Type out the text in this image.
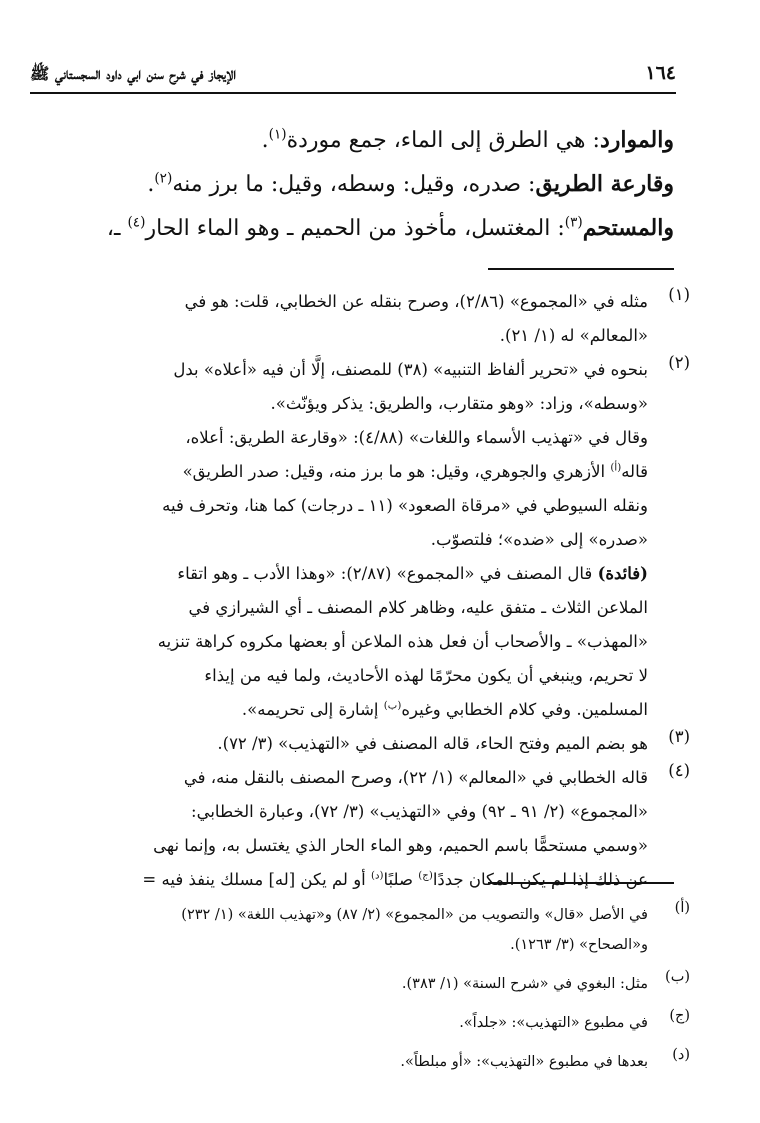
١٦٤
الإيجاز في شرح سنن ابي داود السجستاني ﷺ
والموارد: هي الطرق إلى الماء، جمع موردة$^{(١)}$.
وقارعة الطريق: صدره، وقيل: وسطه، وقيل: ما برز منه$^{(٢)}$.
والمستحم$^{(٣)}$: المغتسل، مأخوذ من الحميم ـ وهو الماء الحار$^{(٤)}$ ـ،
(١)
مثله في «المجموع» (٢/٨٦)، وصرح بنقله عن الخطابي، قلت: هو في
«المعالم» له (١/ ٢١).
(٢)
بنحوه في «تحرير ألفاظ التنبيه» (٣٨) للمصنف، إلَّا أن فيه «أعلاه» بدل
«وسطه»، وزاد: «وهو متقارب، والطريق: يذكر ويؤنّث».
وقال في «تهذيب الأسماء واللغات» (٤/٨٨): «وقارعة الطريق: أعلاه،
قاله$^{(أ)}$ الأزهري والجوهري، وقيل: هو ما برز منه، وقيل: صدر الطريق»
ونقله السيوطي في «مرقاة الصعود» (١١ ـ درجات) كما هنا، وتحرف فيه
«صدره» إلى «ضده»؛ فلتصوّب.
(فائدة) قال المصنف في «المجموع» (٢/٨٧): «وهذا الأدب ـ وهو اتقاء
الملاعن الثلاث ـ متفق عليه، وظاهر كلام المصنف ـ أي الشيرازي في
«المهذب» ـ والأصحاب أن فعل هذه الملاعن أو بعضها مكروه كراهة تنزيه
لا تحريم، وينبغي أن يكون محرّمًا لهذه الأحاديث، ولما فيه من إيذاء
المسلمين. وفي كلام الخطابي وغيره$^{(ب)}$ إشارة إلى تحريمه».
(٣)
هو بضم الميم وفتح الحاء، قاله المصنف في «التهذيب» (٣/ ٧٢).
(٤)
قاله الخطابي في «المعالم» (١/ ٢٢)، وصرح المصنف بالنقل منه، في
«المجموع» (٢/ ٩١ ـ ٩٢) وفي «التهذيب» (٣/ ٧٢)، وعبارة الخطابي:
«وسمي مستحمًّا باسم الحميم، وهو الماء الحار الذي يغتسل به، وإنما نهى
عن ذلك إذا لم يكن المكان جددًا$^{(ج)}$ صلبًا$^{(د)}$ أو لم يكن [له] مسلك ينفذ فيه =
(أ)
في الأصل «قال» والتصويب من «المجموع» (٢/ ٨٧) و«تهذيب اللغة» (١/ ٢٣٢)
و«الصحاح» (٣/ ١٢٦٣).
(ب)
مثل: البغوي في «شرح السنة» (١/ ٣٨٣).
(ج)
في مطبوع «التهذيب»: «جلداً».
(د)
بعدها في مطبوع «التهذيب»: «أو مبلطاً».
